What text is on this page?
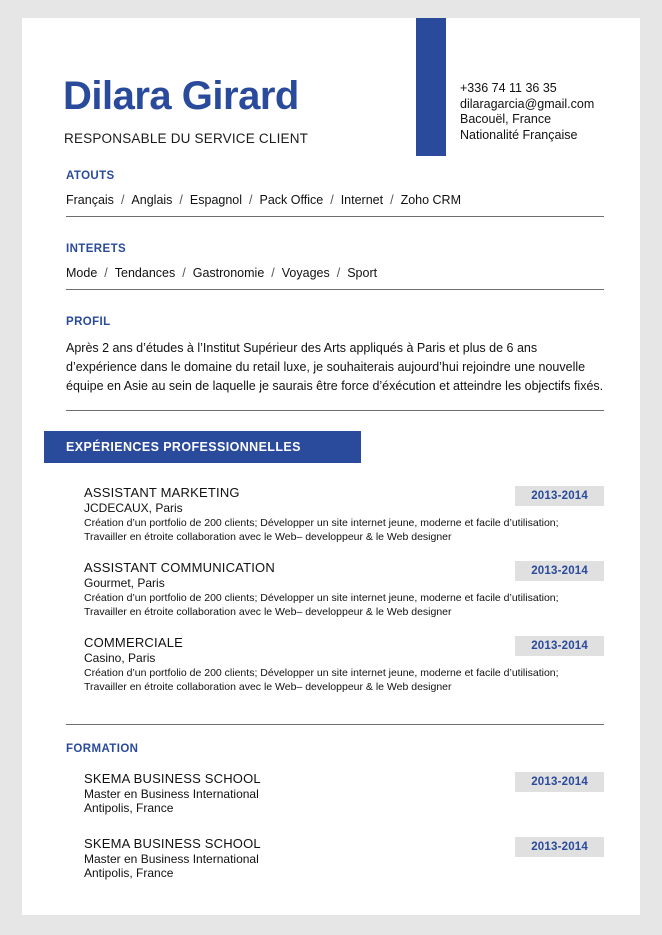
Dilara Girard
RESPONSABLE DU SERVICE CLIENT
+336 74 11 36 35
dilaragarcia@gmail.com
Bacouël, France
Nationalité Française
ATOUTS
Français / Anglais / Espagnol / Pack Office / Internet / Zoho CRM
INTERETS
Mode / Tendances / Gastronomie / Voyages / Sport
PROFIL
Après 2 ans d’études à l’Institut Supérieur des Arts appliqués à Paris et plus de 6 ans d’expérience dans le domaine du retail luxe, je souhaiterais aujourd’hui rejoindre une nouvelle équipe en Asie au sein de laquelle je saurais être force d’éxécution et atteindre les objectifs fixés.
EXPÉRIENCES PROFESSIONNELLES
ASSISTANT MARKETING
JCDECAUX, Paris
Création d’un portfolio de 200 clients; Développer un site internet jeune, moderne et facile d’utilisation;
Travailler en étroite collaboration avec le Web– developpeur & le Web designer
2013-2014
ASSISTANT COMMUNICATION
Gourmet, Paris
Création d’un portfolio de 200 clients; Développer un site internet jeune, moderne et facile d’utilisation;
Travailler en étroite collaboration avec le Web– developpeur & le Web designer
2013-2014
COMMERCIALE
Casino, Paris
Création d’un portfolio de 200 clients; Développer un site internet jeune, moderne et facile d’utilisation;
Travailler en étroite collaboration avec le Web– developpeur & le Web designer
2013-2014
FORMATION
SKEMA BUSINESS SCHOOL
Master en Business International
Antipolis, France
2013-2014
SKEMA BUSINESS SCHOOL
Master en Business International
Antipolis, France
2013-2014
